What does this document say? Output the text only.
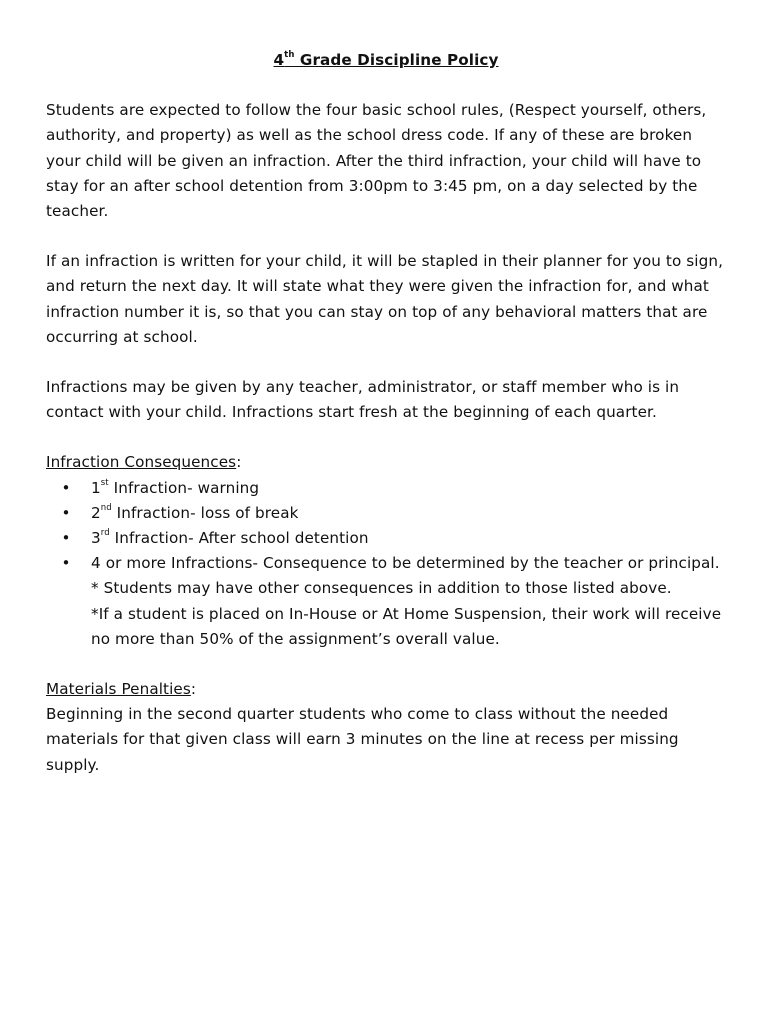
4th Grade Discipline Policy

Students are expected to follow the four basic school rules, (Respect yourself, others, authority, and property) as well as the school dress code. If any of these are broken your child will be given an infraction. After the third infraction, your child will have to stay for an after school detention from 3:00pm to 3:45 pm, on a day selected by the teacher.

If an infraction is written for your child, it will be stapled in their planner for you to sign, and return the next day. It will state what they were given the infraction for, and what infraction number it is, so that you can stay on top of any behavioral matters that are occurring at school.

Infractions may be given by any teacher, administrator, or staff member who is in contact with your child. Infractions start fresh at the beginning of each quarter.

Infraction Consequences:
• 1st Infraction- warning
• 2nd Infraction- loss of break
• 3rd Infraction- After school detention
• 4 or more Infractions- Consequence to be determined by the teacher or principal.
* Students may have other consequences in addition to those listed above.
*If a student is placed on In-House or At Home Suspension, their work will receive no more than 50% of the assignment’s overall value.
Materials Penalties:

Beginning in the second quarter students who come to class without the needed materials for that given class will earn 3 minutes on the line at recess per missing supply.
